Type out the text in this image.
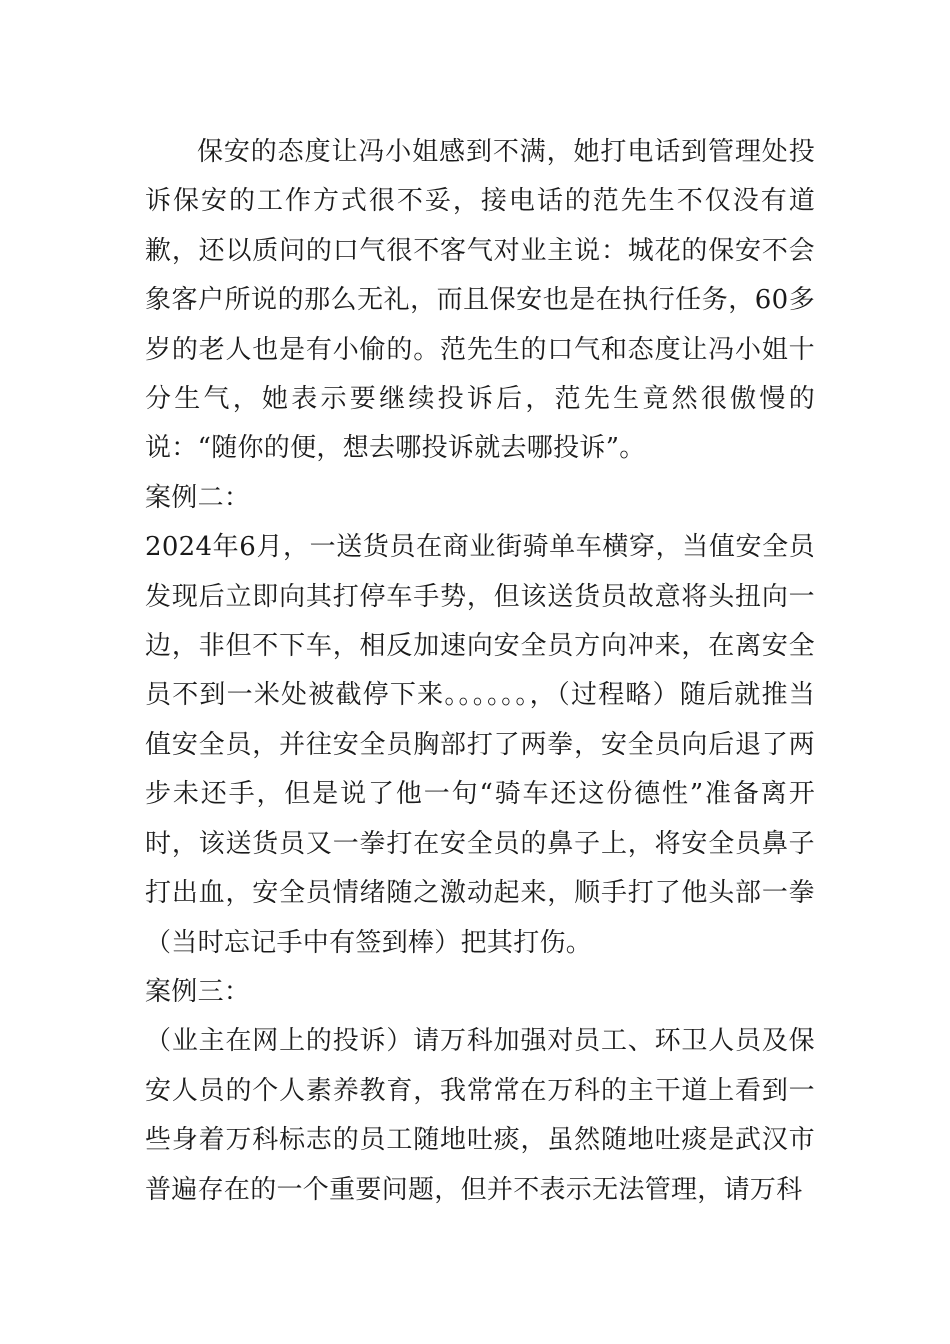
保安的态度让冯小姐感到不满，她打电话到管理处投诉保安的工作方式很不妥，接电话的范先生不仅没有道歉，还以质问的口气很不客气对业主说：城花的保安不会象客户所说的那么无礼，而且保安也是在执行任务，60多岁的老人也是有小偷的。范先生的口气和态度让冯小姐十分生气，她表示要继续投诉后，范先生竟然很傲慢的说：“随你的便，想去哪投诉就去哪投诉”。

案例二：

2024年6月，一送货员在商业街骑单车横穿，当值安全员发现后立即向其打停车手势，但该送货员故意将头扭向一边，非但不下车，相反加速向安全员方向冲来，在离安全员不到一米处被截停下来。。。。。。，（过程略）随后就推当值安全员，并往安全员胸部打了两拳，安全员向后退了两步未还手，但是说了他一句“骑车还这份德性”准备离开时，该送货员又一拳打在安全员的鼻子上，将安全员鼻子打出血，安全员情绪随之激动起来，顺手打了他头部一拳（当时忘记手中有签到棒）把其打伤。

案例三：

（业主在网上的投诉）请万科加强对员工、环卫人员及保安人员的个人素养教育，我常常在万科的主干道上看到一些身着万科标志的员工随地吐痰，虽然随地吐痰是武汉市普遍存在的一个重要问题，但并不表示无法管理，请万科
